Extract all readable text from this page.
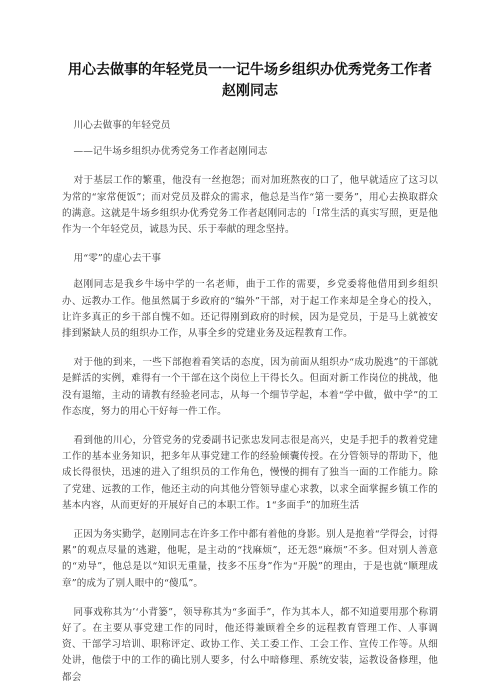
用心去做事的年轻党员一一记牛场乡组织办优秀党务工作者赵刚同志

川心去做事的年轻党员

——记牛场乡组织办优秀党务工作者赵刚同志

对于基层工作的繁重，他没有一丝抱怨；而对加班熬夜的口了，他早就适应了这习以为常的“家常便饭”；而对党员及群众的需求，他总是当作“第一要务”，用心去换取群众的满意。这就是牛场乡组织办优秀党务工作者赵刚同志的「I常生活的真实写照，更是他作为一个年轻党员，诚恳为民、乐于奉献的理念坚持。

用“零”的虚心去干事

赵刚同志是我乡牛场中学的一名老师，曲于工作的需要，乡党委将他借用到乡组织办、远教办工作。他虽然属于乡政府的“编外”干部，对于起工作来却是全身心的投入，让许多真正的乡干部自愧不如。还记得刚到政府的时候，因为是党员，于是马上就被安排到紧缺人员的组织办工作，从事全乡的党建业务及远程教育工作。

对于他的到来，一些下部抱着看笑话的态度，因为前面从组织办“成功脱逃”的干部就是鲜活的实例，难得有一个干部在这个岗位上干得长久。但面对新工作岗位的挑战，他没有退缩，主动的请教有经验老同志，从每一个细节学起，本着“学中做，做中学”的工作态度，努力的用心干好每一件工作。

看到他的川心，分管党务的党委副书记张忠发同志很是高兴，史是手把手的教着党建工作的基本业务知识，把多年从事党建工作的经验倾囊传授。在分管领导的帮助下，他成长得很快，迅速的进入了组织员的工作角色，慢慢的拥有了独当一面的工作能力。除了党建、远教的工作，他还主动的向其他分管领导虚心求教，以求全面掌握乡镇工作的基本内容，从而更好的开展好自己的本职工作。1“多面手”的加班生活

正因为务实勤学，赵刚同志在许多工作中都有着他的身影。别人是抱着“学得会，讨得累”的观点尽量的逃避，他呢，是主动的“找麻烦”，还无怨“麻烦”不多。但对别人善意的“劝导”，他总是以“知识无重量，技多不压身”作为“开脱”的理由，于是也就“顺理成章”的成为了别人眼中的“傻瓜”。

同事戏称其为’‘小背篓”，领导称其为“多面手”，作为其本人，都不知道要用那个称谓好了。在主要从事党建工作的同时，他还得兼顾着全乡的远程教育管理工作、人事调资、干部学习培训、职称评定、政协工作、关工委工作、工会工作、宣传工作等。从细处讲，他偿于中的工作的确比别人要多，付么中暗修理、系统安装，运教设备修理，他都会
